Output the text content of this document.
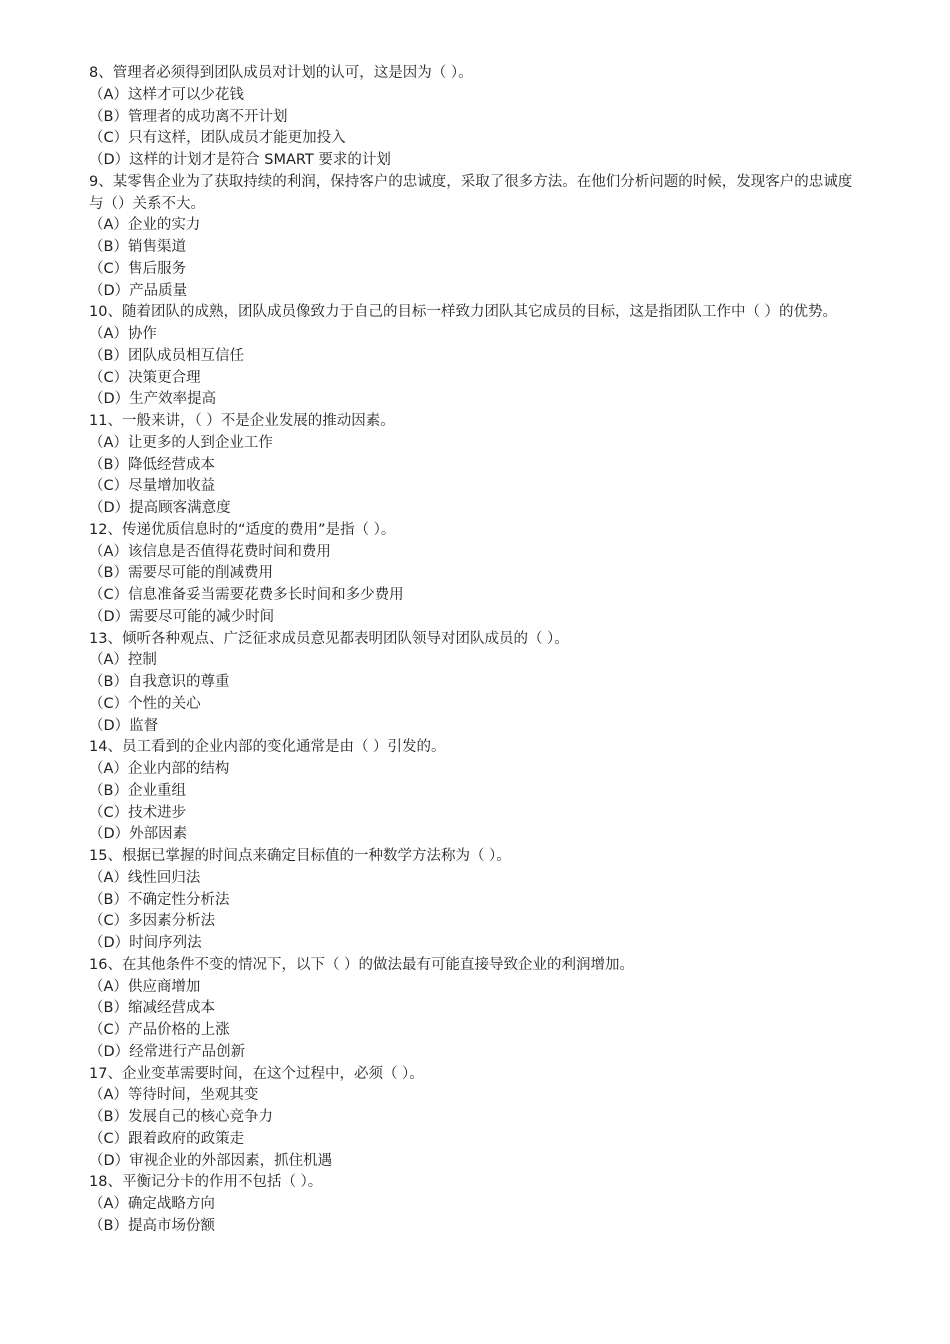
8、管理者必须得到团队成员对计划的认可，这是因为（ ）。

（A）这样才可以少花钱
（B）管理者的成功离不开计划
（C）只有这样，团队成员才能更加投入
（D）这样的计划才是符合 SMART 要求的计划

9、某零售企业为了获取持续的利润，保持客户的忠诚度，采取了很多方法。在他们分析问题的时候，发现客户的忠诚度与（）关系不大。

（A）企业的实力
（B）销售渠道
（C）售后服务
（D）产品质量

10、随着团队的成熟，团队成员像致力于自己的目标一样致力团队其它成员的目标，这是指团队工作中（ ）的优势。

（A）协作
（B）团队成员相互信任
（C）决策更合理
（D）生产效率提高

11、一般来讲，（ ）不是企业发展的推动因素。

（A）让更多的人到企业工作
（B）降低经营成本
（C）尽量增加收益
（D）提高顾客满意度

12、传递优质信息时的“适度的费用”是指（ ）。

（A）该信息是否值得花费时间和费用
（B）需要尽可能的削减费用
（C）信息准备妥当需要花费多长时间和多少费用
（D）需要尽可能的减少时间

13、倾听各种观点、广泛征求成员意见都表明团队领导对团队成员的（ ）。

（A）控制
（B）自我意识的尊重
（C）个性的关心
（D）监督

14、员工看到的企业内部的变化通常是由（ ）引发的。

（A）企业内部的结构
（B）企业重组
（C）技术进步
（D）外部因素

15、根据已掌握的时间点来确定目标值的一种数学方法称为（ ）。

（A）线性回归法
（B）不确定性分析法
（C）多因素分析法
（D）时间序列法

16、在其他条件不变的情况下，以下（ ）的做法最有可能直接导致企业的利润增加。

（A）供应商增加
（B）缩减经营成本
（C）产品价格的上涨
（D）经常进行产品创新

17、企业变革需要时间，在这个过程中，必须（ ）。

（A）等待时间，坐观其变
（B）发展自己的核心竞争力
（C）跟着政府的政策走
（D）审视企业的外部因素，抓住机遇

18、平衡记分卡的作用不包括（ ）。

（A）确定战略方向
（B）提高市场份额
